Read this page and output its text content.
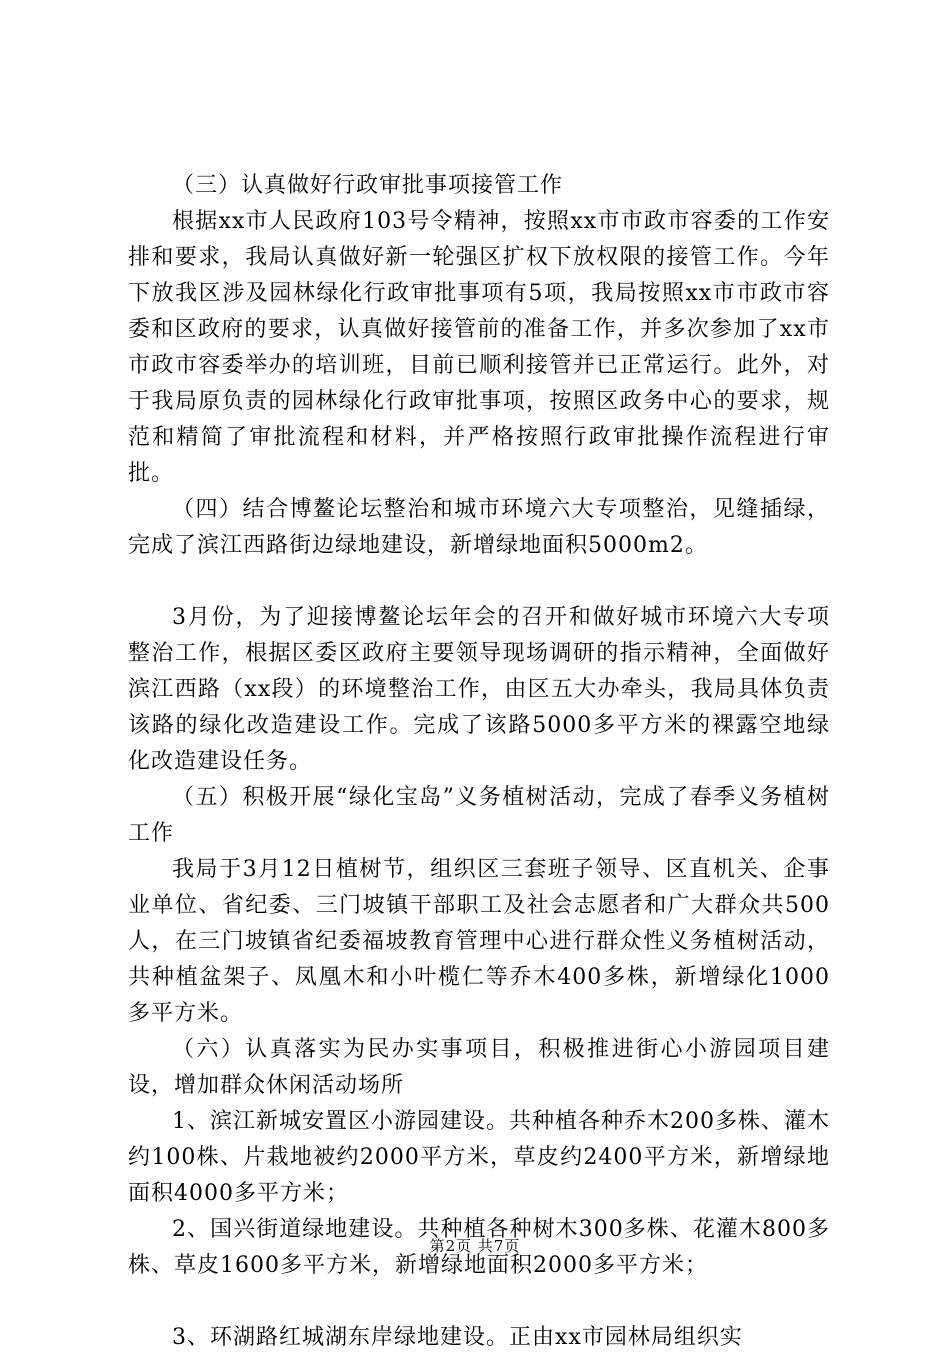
（三）认真做好行政审批事项接管工作

根据xx市人民政府103号令精神，按照xx市市政市容委的工作安排和要求，我局认真做好新一轮强区扩权下放权限的接管工作。今年下放我区涉及园林绿化行政审批事项有5项，我局按照xx市市政市容委和区政府的要求，认真做好接管前的准备工作，并多次参加了xx市市政市容委举办的培训班，目前已顺利接管并已正常运行。此外，对于我局原负责的园林绿化行政审批事项，按照区政务中心的要求，规范和精简了审批流程和材料，并严格按照行政审批操作流程进行审批。

（四）结合博鳌论坛整治和城市环境六大专项整治，见缝插绿，完成了滨江西路街边绿地建设，新增绿地面积5000m2。

3月份，为了迎接博鳌论坛年会的召开和做好城市环境六大专项整治工作，根据区委区政府主要领导现场调研的指示精神，全面做好滨江西路（xx段）的环境整治工作，由区五大办牵头，我局具体负责该路的绿化改造建设工作。完成了该路5000多平方米的裸露空地绿化改造建设任务。

（五）积极开展“绿化宝岛”义务植树活动，完成了春季义务植树工作

我局于3月12日植树节，组织区三套班子领导、区直机关、企事业单位、省纪委、三门坡镇干部职工及社会志愿者和广大群众共500人，在三门坡镇省纪委福坡教育管理中心进行群众性义务植树活动，共种植盆架子、凤凰木和小叶榄仁等乔木400多株，新增绿化1000多平方米。

（六）认真落实为民办实事项目，积极推进街心小游园项目建设，增加群众休闲活动场所

1、滨江新城安置区小游园建设。共种植各种乔木200多株、灌木约100株、片栽地被约2000平方米，草皮约2400平方米，新增绿地面积4000多平方米；

2、国兴街道绿地建设。共种植各种树木300多株、花灌木800多株、草皮1600多平方米，新增绿地面积2000多平方米；

3、环湖路红城湖东岸绿地建设。正由xx市园林局组织实

第2页 共7页
